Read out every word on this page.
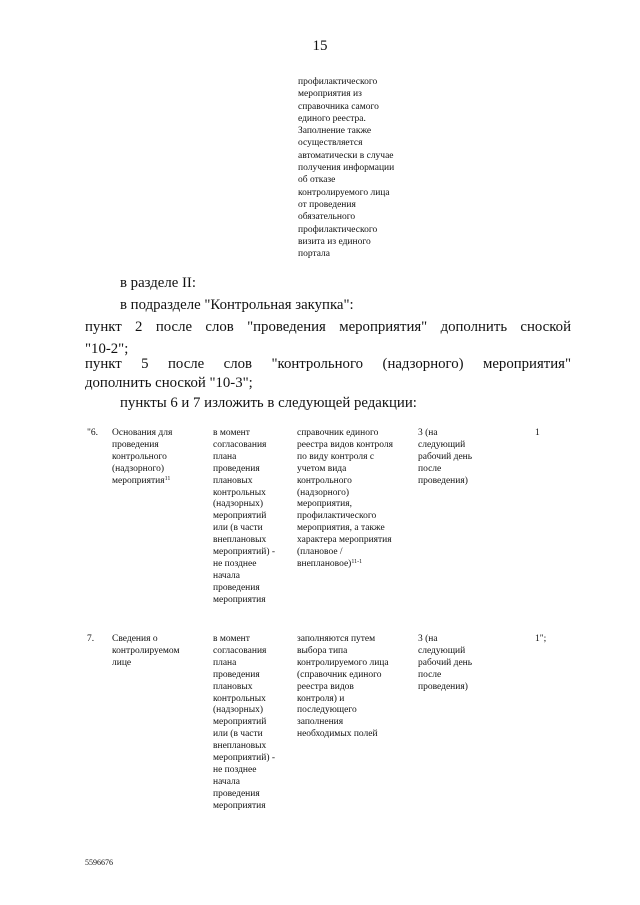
15
профилактического
мероприятия из
справочника самого
единого реестра.
Заполнение также
осуществляется
автоматически в случае
получения информации
об отказе
контролируемого лица
от проведения
обязательного
профилактического
визита из единого
портала
в разделе II:
в подразделе "Контрольная закупка":
пункт 2 после слов "проведения мероприятия" дополнить сноской
"10-2";
пункт 5 после слов "контрольного (надзорного) мероприятия"
дополнить сноской "10-3";
пункты 6 и 7 изложить в следующей редакции:
"6. Основания для
проведения
контрольного
(надзорного)
мероприятия$^{11}$
в момент
согласования
плана
проведения
плановых
контрольных
(надзорных)
мероприятий
или (в части
внеплановых
мероприятий) -
не позднее
начала
проведения
мероприятия
справочник единого
реестра видов контроля
по виду контроля с
учетом вида
контрольного
(надзорного)
мероприятия,
профилактического
мероприятия, а также
характера мероприятия
(плановое /
внеплановое)$^{11-1}$
3 (на
следующий
рабочий день
после
проведения)
1
7. Сведения о
контролируемом
лице
в момент
согласования
плана
проведения
плановых
контрольных
(надзорных)
мероприятий
или (в части
внеплановых
мероприятий) -
не позднее
начала
проведения
мероприятия
заполняются путем
выбора типа
контролируемого лица
(справочник единого
реестра видов
контроля) и
последующего
заполнения
необходимых полей
3 (на
следующий
рабочий день
после
проведения)
1";
5596676
